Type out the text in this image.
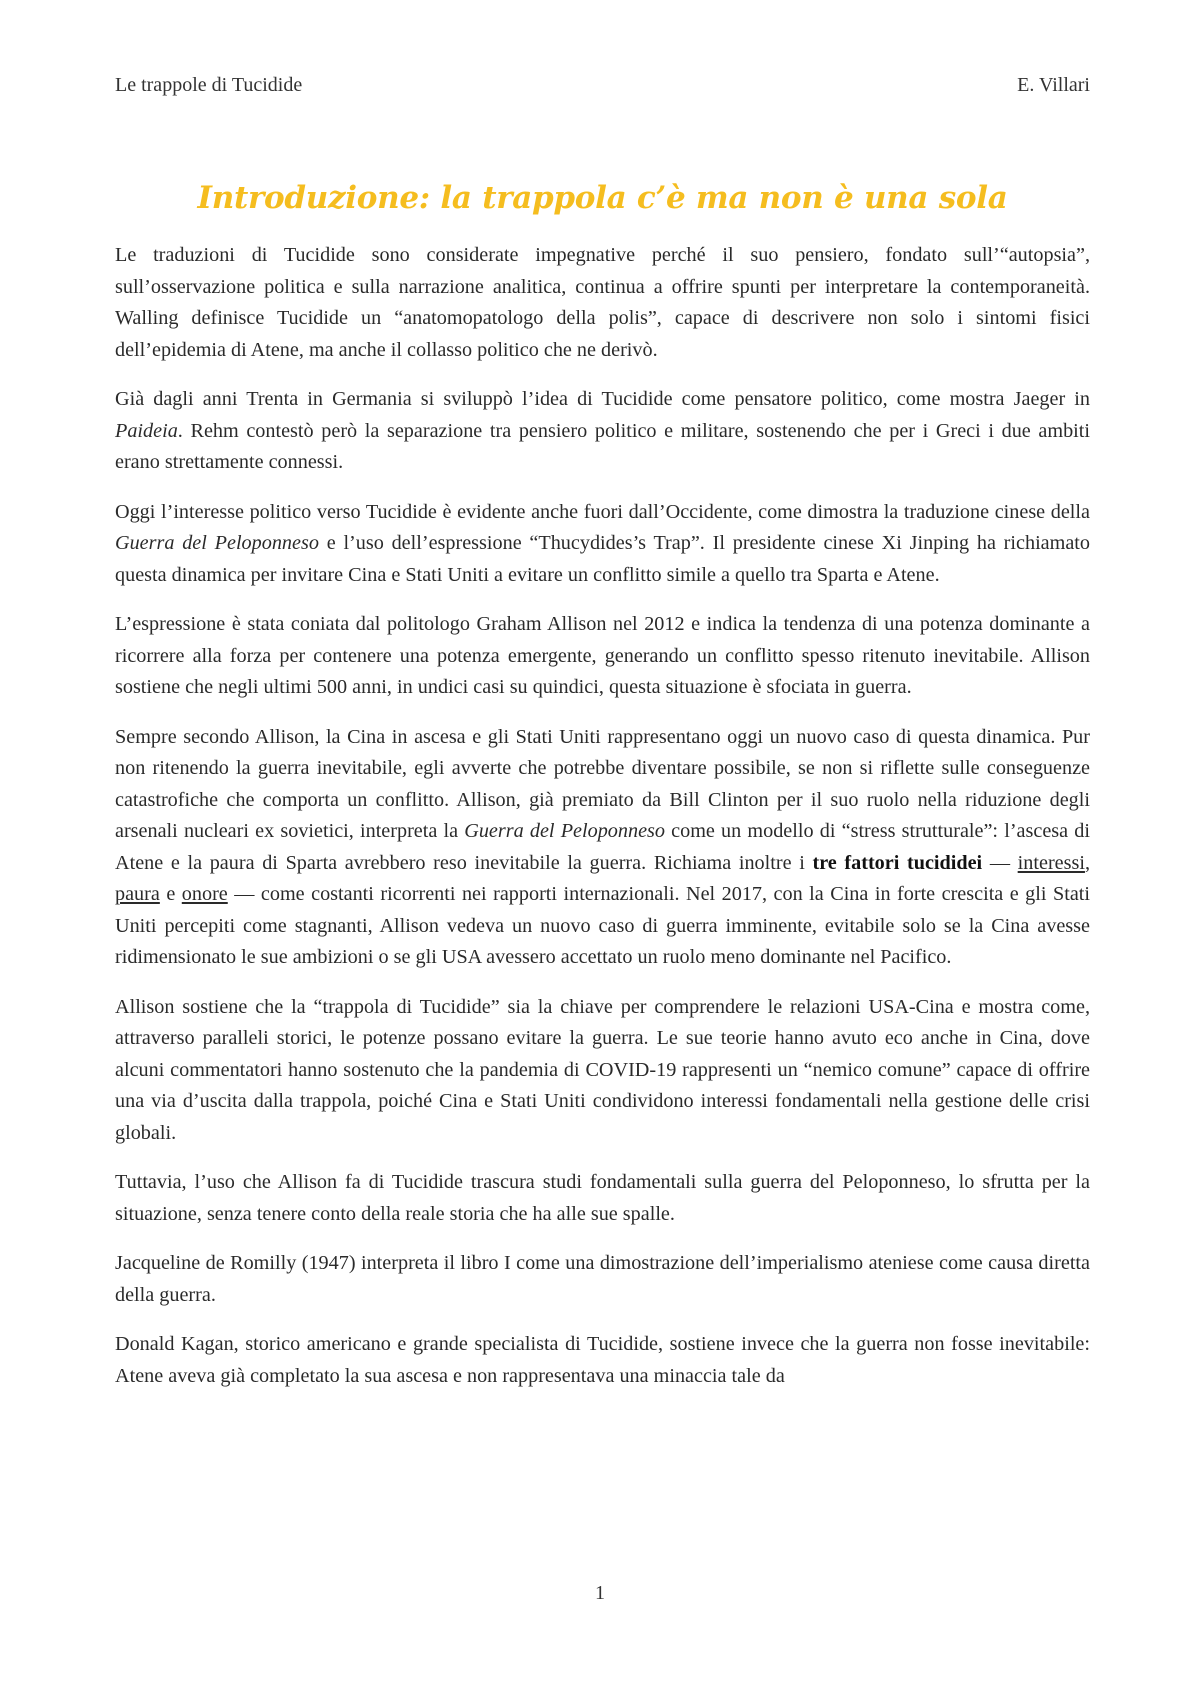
Le trappole di Tucidide	E. Villari
Introduzione: la trappola c’è ma non è una sola

Le traduzioni di Tucidide sono considerate impegnative perché il suo pensiero, fondato sull’“autopsia”, sull’osservazione politica e sulla narrazione analitica, continua a offrire spunti per interpretare la contemporaneità. Walling definisce Tucidide un “anatomopatologo della polis”, capace di descrivere non solo i sintomi fisici dell’epidemia di Atene, ma anche il collasso politico che ne derivò.

Già dagli anni Trenta in Germania si sviluppò l’idea di Tucidide come pensatore politico, come mostra Jaeger in Paideia. Rehm contestò però la separazione tra pensiero politico e militare, sostenendo che per i Greci i due ambiti erano strettamente connessi.

Oggi l’interesse politico verso Tucidide è evidente anche fuori dall’Occidente, come dimostra la traduzione cinese della Guerra del Peloponneso e l’uso dell’espressione “Thucydides’s Trap”. Il presidente cinese Xi Jinping ha richiamato questa dinamica per invitare Cina e Stati Uniti a evitare un conflitto simile a quello tra Sparta e Atene.

L’espressione è stata coniata dal politologo Graham Allison nel 2012 e indica la tendenza di una potenza dominante a ricorrere alla forza per contenere una potenza emergente, generando un conflitto spesso ritenuto inevitabile. Allison sostiene che negli ultimi 500 anni, in undici casi su quindici, questa situazione è sfociata in guerra.

Sempre secondo Allison, la Cina in ascesa e gli Stati Uniti rappresentano oggi un nuovo caso di questa dinamica. Pur non ritenendo la guerra inevitabile, egli avverte che potrebbe diventare possibile, se non si riflette sulle conseguenze catastrofiche che comporta un conflitto. Allison, già premiato da Bill Clinton per il suo ruolo nella riduzione degli arsenali nucleari ex sovietici, interpreta la Guerra del Peloponneso come un modello di “stress strutturale”: l’ascesa di Atene e la paura di Sparta avrebbero reso inevitabile la guerra. Richiama inoltre i tre fattori tucididei — interessi, paura e onore — come costanti ricorrenti nei rapporti internazionali. Nel 2017, con la Cina in forte crescita e gli Stati Uniti percepiti come stagnanti, Allison vedeva un nuovo caso di guerra imminente, evitabile solo se la Cina avesse ridimensionato le sue ambizioni o se gli USA avessero accettato un ruolo meno dominante nel Pacifico.

Allison sostiene che la “trappola di Tucidide” sia la chiave per comprendere le relazioni USA-Cina e mostra come, attraverso paralleli storici, le potenze possano evitare la guerra. Le sue teorie hanno avuto eco anche in Cina, dove alcuni commentatori hanno sostenuto che la pandemia di COVID-19 rappresenti un “nemico comune” capace di offrire una via d’uscita dalla trappola, poiché Cina e Stati Uniti condividono interessi fondamentali nella gestione delle crisi globali.

Tuttavia, l’uso che Allison fa di Tucidide trascura studi fondamentali sulla guerra del Peloponneso, lo sfrutta per la situazione, senza tenere conto della reale storia che ha alle sue spalle.

Jacqueline de Romilly (1947) interpreta il libro I come una dimostrazione dell’imperialismo ateniese come causa diretta della guerra.

Donald Kagan, storico americano e grande specialista di Tucidide, sostiene invece che la guerra non fosse inevitabile: Atene aveva già completato la sua ascesa e non rappresentava una minaccia tale da

1
